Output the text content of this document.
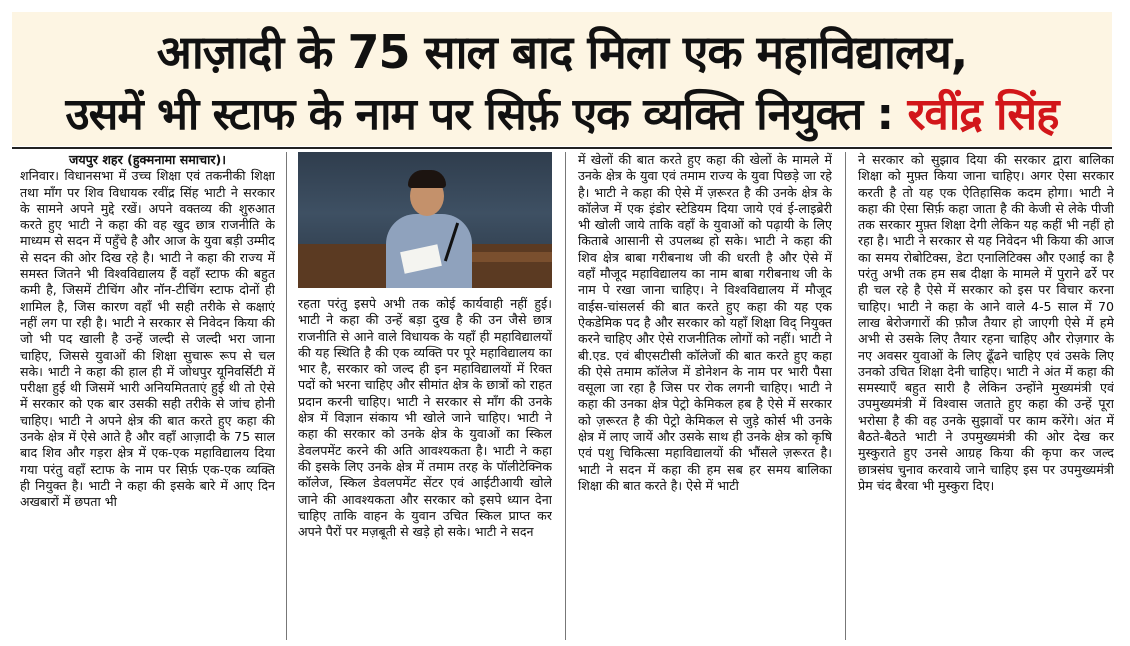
आज़ादी के 75 साल बाद मिला एक महाविद्यालय,
उसमें भी स्टाफ के नाम पर सिर्फ़ एक व्यक्ति नियुक्त : रवींद्र सिंह
जयपुर शहर (हुक्मनामा समाचार)।
शनिवार। विधानसभा में उच्च शिक्षा एवं तकनीकी शिक्षा तथा माँग पर शिव विधायक रवींद्र सिंह भाटी ने सरकार के सामने अपने मुद्दे रखें। अपने वक्तव्य की शुरुआत करते हुए भाटी ने कहा की वह खुद छात्र राजनीति के माध्यम से सदन में पहुँचे है और आज के युवा बड़ी उम्मीद से सदन की ओर दिख रहे है। भाटी ने कहा की राज्य में समस्त जितने भी विश्वविद्यालय हैं वहाँ स्टाफ की बहुत कमी है, जिसमें टीचिंग और नॉन-टीचिंग स्टाफ दोनों ही शामिल है, जिस कारण वहाँ भी सही तरीके से कक्षाएं नहीं लग पा रही है। भाटी ने सरकार से निवेदन किया की जो भी पद खाली है उन्हें जल्दी से जल्दी भरा जाना चाहिए, जिससे युवाओं की शिक्षा सुचारू रूप से चल सके। भाटी ने कहा की हाल ही में जोधपुर यूनिवर्सिटी में परीक्षा हुई थी जिसमें भारी अनियमितताएं हुई थी तो ऐसे में सरकार को एक बार उसकी सही तरीके से जांच होनी चाहिए। भाटी ने अपने क्षेत्र की बात करते हुए कहा की उनके क्षेत्र में ऐसे आते है और वहाँ आज़ादी के 75 साल बाद शिव और गड़रा क्षेत्र में एक-एक महाविद्यालय दिया गया परंतु वहाँ स्टाफ के नाम पर सिर्फ़ एक-एक व्यक्ति ही नियुक्त है। भाटी ने कहा की इसके बारे में आए दिन अखबारों में छपता भी
रहता परंतु इसपे अभी तक कोई कार्यवाही नहीं हुई। भाटी ने कहा की उन्हें बड़ा दुख है की उन जैसे छात्र राजनीति से आने वाले विधायक के यहाँ ही महाविद्यालयों की यह स्थिति है की एक व्यक्ति पर पूरे महाविद्यालय का भार है, सरकार को जल्द ही इन महाविद्यालयों में रिक्त पदों को भरना चाहिए और सीमांत क्षेत्र के छात्रों को राहत प्रदान करनी चाहिए। भाटी ने सरकार से माँग की उनके क्षेत्र में विज्ञान संकाय भी खोले जाने चाहिए। भाटी ने कहा की सरकार को उनके क्षेत्र के युवाओं का स्किल डेवलपमेंट करने की अति आवश्यकता है। भाटी ने कहा की इसके लिए उनके क्षेत्र में तमाम तरह के पॉलीटेक्निक कॉलेज, स्किल डेवलपमेंट सेंटर एवं आईटीआयी खोले जाने की आवश्यकता और सरकार को इसपे ध्यान देना चाहिए ताकि वाहन के युवान उचित स्किल प्राप्त कर अपने पैरों पर मज़बूती से खड़े हो सके। भाटी ने सदन
में खेलों की बात करते हुए कहा की खेलों के मामले में उनके क्षेत्र के युवा एवं तमाम राज्य के युवा पिछड़े जा रहे है। भाटी ने कहा की ऐसे में ज़रूरत है की उनके क्षेत्र के कॉलेज में एक इंडोर स्टेडियम दिया जाये एवं ई-लाइब्रेरी भी खोली जाये ताकि वहाँ के युवाओं को पढ़ायी के लिए किताबे आसानी से उपलब्ध हो सके। भाटी ने कहा की शिव क्षेत्र बाबा गरीबनाथ जी की धरती है और ऐसे में वहाँ मौजूद महाविद्यालय का नाम बाबा गरीबनाथ जी के नाम पे रखा जाना चाहिए। ने विश्वविद्यालय में मौजूद वाईस-चांसलर्स की बात करते हुए कहा की यह एक ऐकडेमिक पद है और सरकार को यहाँ शिक्षा विद् नियुक्त करने चाहिए और ऐसे राजनीतिक लोगों को नहीं। भाटी ने बी.एड. एवं बीएसटीसी कॉलेजों की बात करते हुए कहा की ऐसे तमाम कॉलेज में डोनेशन के नाम पर भारी पैसा वसूला जा रहा है जिस पर रोक लगनी चाहिए। भाटी ने कहा की उनका क्षेत्र पेट्रो केमिकल हब है ऐसे में सरकार को ज़रूरत है की पेट्रो केमिकल से जुड़े कोर्स भी उनके क्षेत्र में लाए जायें और उसके साथ ही उनके क्षेत्र को कृषि एवं पशु चिकित्सा महाविद्यालयों की भौंसले ज़रूरत है। भाटी ने सदन में कहा की हम सब हर समय बालिका शिक्षा की बात करते है। ऐसे में भाटी
ने सरकार को सुझाव दिया की सरकार द्वारा बालिका शिक्षा को मुफ़्त किया जाना चाहिए। अगर ऐसा सरकार करती है तो यह एक ऐतिहासिक कदम होगा। भाटी ने कहा की ऐसा सिर्फ़ कहा जाता है की केजी से लेके पीजी तक सरकार मुफ़्त शिक्षा देगी लेकिन यह कहीं भी नहीं हो रहा है। भाटी ने सरकार से यह निवेदन भी किया की आज का समय रोबोटिक्स, डेटा एनालिटिक्स और एआई का है परंतु अभी तक हम सब दीक्षा के मामले में पुराने ढर्रे पर ही चल रहे है ऐसे में सरकार को इस पर विचार करना चाहिए। भाटी ने कहा के आने वाले 4-5 साल में 70 लाख बेरोजगारों की फ़ौज तैयार हो जाएगी ऐसे में हमे अभी से उसके लिए तैयार रहना चाहिए और रोज़गार के नए अवसर युवाओं के लिए ढूँढने चाहिए एवं उसके लिए उनको उचित शिक्षा देनी चाहिए। भाटी ने अंत में कहा की समस्याएँ बहुत सारी है लेकिन उन्होंने मुख्यमंत्री एवं उपमुख्यमंत्री में विश्वास जताते हुए कहा की उन्हें पूरा भरोसा है की वह उनके सुझावों पर काम करेंगे। अंत में बैठते-बैठते भाटी ने उपमुख्यमंत्री की ओर देख कर मुस्कुराते हुए उनसे आग्रह किया की कृपा कर जल्द छात्रसंघ चुनाव करवाये जाने चाहिए इस पर उपमुख्यमंत्री प्रेम चंद बैरवा भी मुस्कुरा दिए।
